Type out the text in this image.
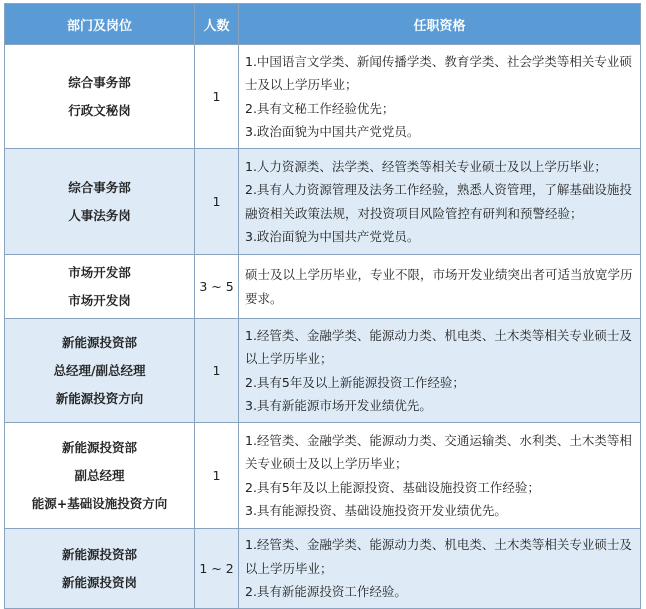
部门及岗位	人数	任职资格

综合事务部
行政文秘岗	1	1.中国语言文学类、新闻传播学类、教育学类、社会学类等相关专业硕士及以上学历毕业；
2.具有文秘工作经验优先；
3.政治面貌为中国共产党党员。

综合事务部
人事法务岗	1	1.人力资源类、法学类、经管类等相关专业硕士及以上学历毕业；
2.具有人力资源管理及法务工作经验，熟悉人资管理，了解基础设施投融资相关政策法规，对投资项目风险管控有研判和预警经验；
3.政治面貌为中国共产党党员。

市场开发部
市场开发岗	3 ~ 5	硕士及以上学历毕业，专业不限，市场开发业绩突出者可适当放宽学历要求。

新能源投资部
总经理/副总经理
新能源投资方向	1	1.经管类、金融学类、能源动力类、机电类、土木类等相关专业硕士及以上学历毕业；
2.具有5年及以上新能源投资工作经验；
3.具有新能源市场开发业绩优先。

新能源投资部
副总经理
能源+基础设施投资方向	1	1.经管类、金融学类、能源动力类、交通运输类、水利类、土木类等相关专业硕士及以上学历毕业；
2.具有5年及以上能源投资、基础设施投资工作经验；
3.具有能源投资、基础设施投资开发业绩优先。

新能源投资部
新能源投资岗	1 ~ 2	1.经管类、金融学类、能源动力类、机电类、土木类等相关专业硕士及以上学历毕业；
2.具有新能源投资工作经验。
